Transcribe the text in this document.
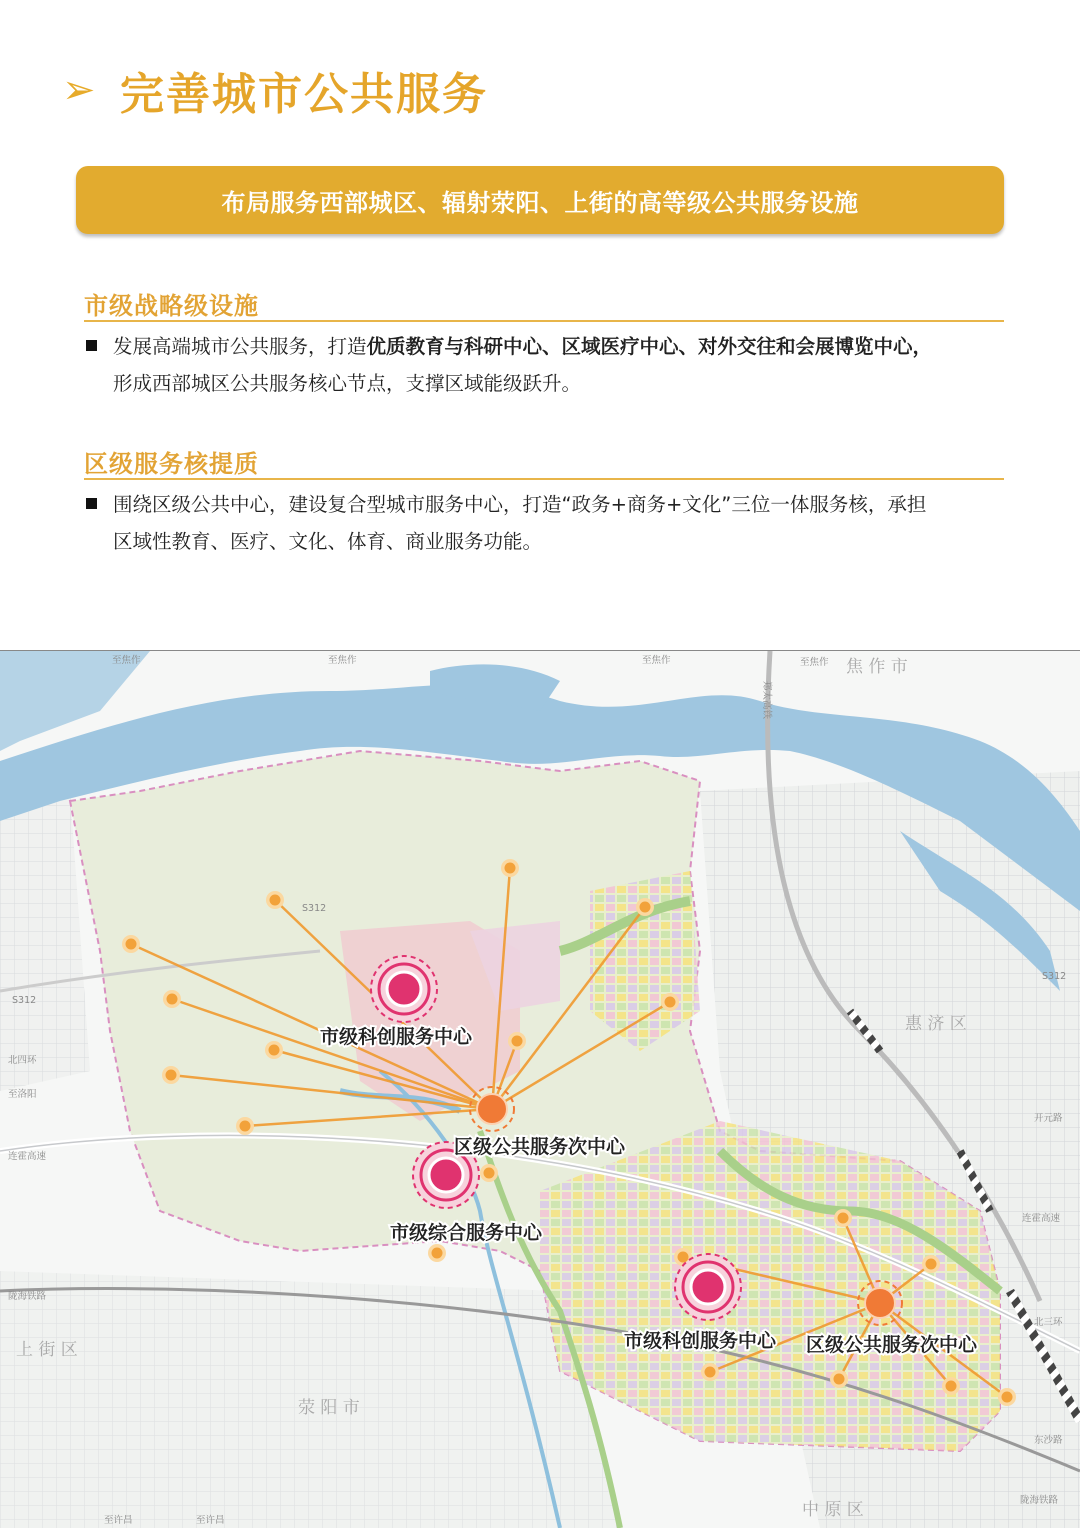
➢ 完善城市公共服务
布局服务西部城区、辐射荥阳、上街的高等级公共服务设施
市级战略级设施
发展高端城市公共服务，打造优质教育与科研中心、区域医疗中心、对外交往和会展博览中心，
形成西部城区公共服务核心节点，支撑区域能级跃升。
区级服务核提质
围绕区级公共中心，建设复合型城市服务中心，打造“政务+商务+文化”三位一体服务核，承担
区域性教育、医疗、文化、体育、商业服务功能。
焦 作 市
惠 济 区
上 街 区
荥 阳 市
中 原 区
至焦作	至焦作	至焦作	至焦作
S312
S312
S312
至洛阳
北四环
连霍高速
陇海铁路
开元路
连霍高速
北三环
东沙路
陇海铁路
至许昌	至许昌
郑太高铁
市级科创服务中心
区级公共服务次中心
市级综合服务中心
市级科创服务中心 区级公共服务次中心
